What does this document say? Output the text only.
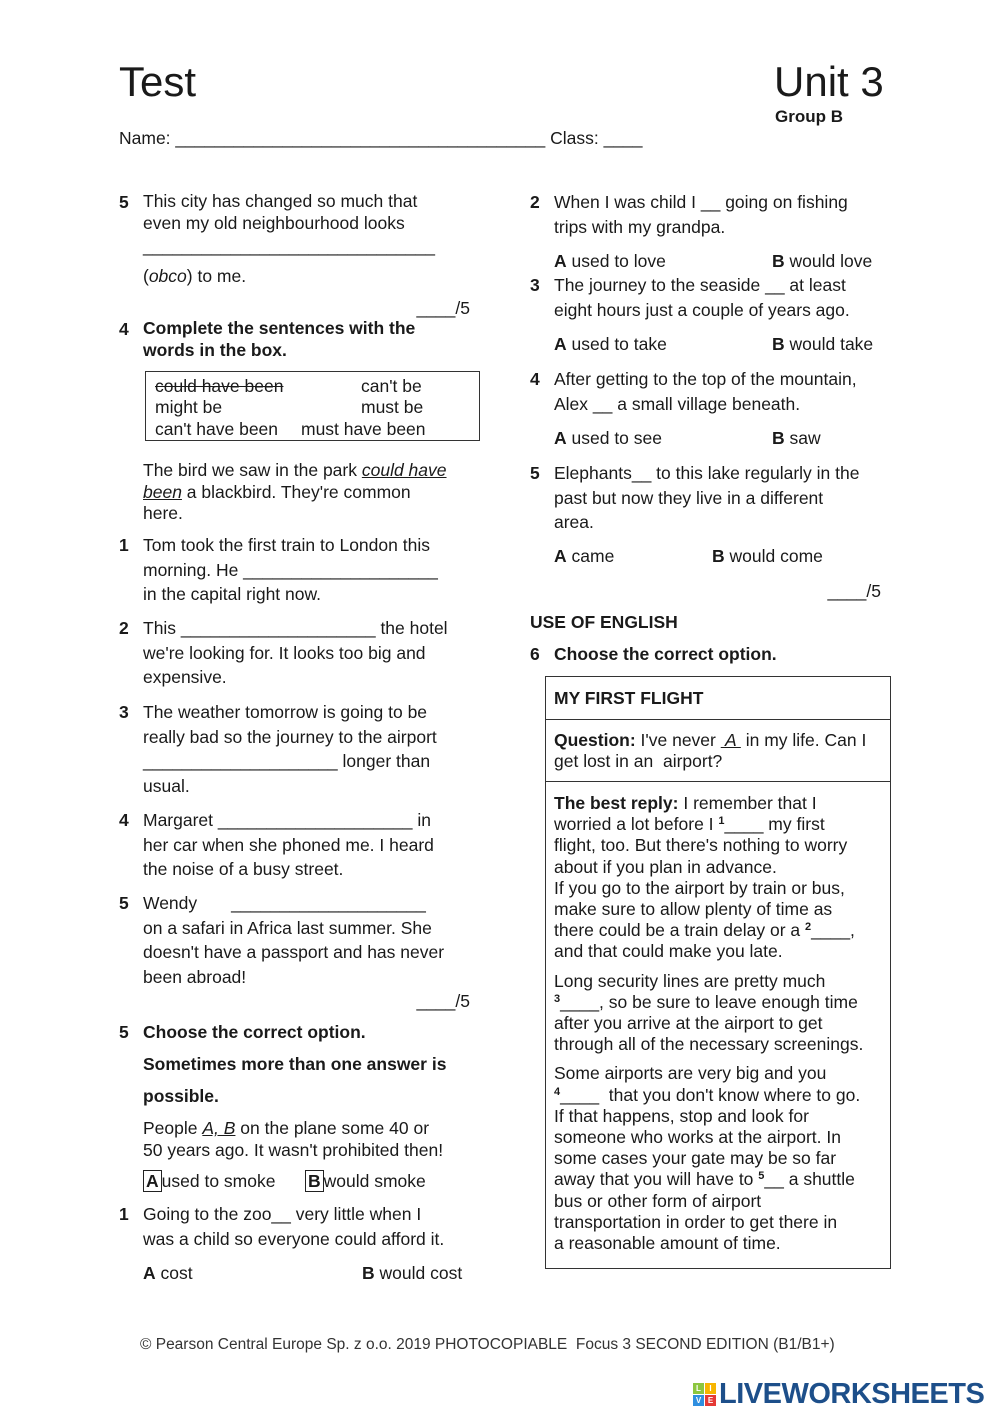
Test	Unit 3
Group B
Name: ______________________________________ Class: ____
5 This city has changed so much that
even my old neighbourhood looks
______________________________
(obco) to me.
____/5
4 Complete the sentences with the
words in the box.
could have been	can't be
might be	must be
can't have been must have been
The bird we saw in the park could have
been a blackbird. They're common
here.
1 Tom took the first train to London this
morning. He ____________________
in the capital right now.
2 This ____________________ the hotel
we're looking for. It looks too big and
expensive.
3 The weather tomorrow is going to be
really bad so the journey to the airport
____________________ longer than
usual.
4 Margaret ____________________ in
her car when she phoned me. I heard
the noise of a busy street.
5 Wendy       ____________________
on a safari in Africa last summer. She
doesn't have a passport and has never
been abroad!
____/5
5 Choose the correct option.
Sometimes more than one answer is
possible.
People A, B on the plane some 40 or
50 years ago. It wasn't prohibited then!
A used to smoke B would smoke
1 Going to the zoo__ very little when I
was a child so everyone could afford it.
A cost	B would cost
2 When I was child I __ going on fishing
trips with my grandpa.
A used to love	B would love
3 The journey to the seaside __ at least
eight hours just a couple of years ago.
A used to take	B would take
4 After getting to the top of the mountain,
Alex __ a small village beneath.
A used to see	B saw
5 Elephants__ to this lake regularly in the
past but now they live in a different
area.
A came	B would come
____/5
USE OF ENGLISH
6 Choose the correct option.
MY FIRST FLIGHT
Question: I've never  A  in my life. Can I
get lost in an  airport?
The best reply: I remember that I
worried a lot before I $^1$____ my first
flight, too. But there's nothing to worry
about if you plan in advance.
If you go to the airport by train or bus,
make sure to allow plenty of time as
there could be a train delay or a $^2$____,
and that could make you late.
Long security lines are pretty much
$^3$____, so be sure to leave enough time
after you arrive at the airport to get
through all of the necessary screenings.
Some airports are very big and you
$^4$____  that you don't know where to go.
If that happens, stop and look for
someone who works at the airport. In
some cases your gate may be so far
away that you will have to $^5$__ a shuttle
bus or other form of airport
transportation in order to get there in
a reasonable amount of time.
© Pearson Central Europe Sp. z o.o. 2019 PHOTOCOPIABLE  Focus 3 SECOND EDITION (B1/B1+)
L	I
V E LIVEWORKSHEETS
